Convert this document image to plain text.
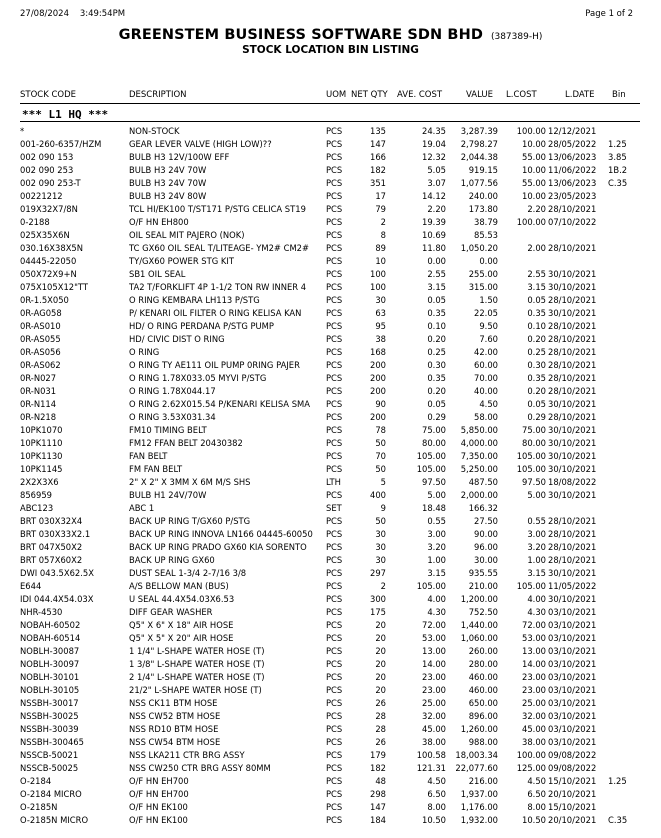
27/08/2024 3:49:54PM	Page 1 of 2
GREENSTEM BUSINESS SOFTWARE SDN BHD (387389-H)
STOCK LOCATION BIN LISTING
STOCK CODE	DESCRIPTION	UOM NET QTY AVE. COST	VALUE L.COST	L.DATE Bin
*** L1 HQ ***
*	NON-STOCK	PCS	135	24.35	3,287.39	100.00 12/12/2021
001-260-6357/HZM	GEAR LEVER VALVE (HIGH LOW)??	PCS	147	19.04	2,798.27	10.00 28/05/2022	1.25
002 090 153	BULB H3 12V/100W EFF	PCS	166	12.32	2,044.38	55.00 13/06/2023	3.85
002 090 253	BULB H3 24V 70W	PCS	182	5.05	919.15	10.00 11/06/2022	1B.2
002 090 253-T	BULB H3 24V 70W	PCS	351	3.07	1,077.56	55.00 13/06/2023	C.35
00221212	BULB H3 24V 80W	PCS	17	14.12	240.00	10.00 23/05/2023
019X32X7/8N	TCL HI/EK100 T/ST171 P/STG CELICA ST19	PCS	79	2.20	173.80	2.20 28/10/2021
0-2188	O/F HN EH800	PCS	2	19.39	38.79	100.00 07/10/2022
025X35X6N	OIL SEAL MIT PAJERO (NOK)	PCS	8	10.69	85.53
030.16X38X5N	TC GX60 OIL SEAL T/LITEAGE- YM2# CM2#	PCS	89	11.80	1,050.20	2.00 28/10/2021
04445-22050	TY/GX60 POWER STG KIT	PCS	10	0.00	0.00
050X72X9+N	SB1 OIL SEAL	PCS	100	2.55	255.00	2.55 30/10/2021
075X105X12"TT	TA2 T/FORKLIFT 4P 1-1/2 TON RW INNER 4	PCS	100	3.15	315.00	3.15 30/10/2021
0R-1.5X050	O RING KEMBARA LH113 P/STG	PCS	30	0.05	1.50	0.05 28/10/2021
0R-AG058	P/ KENARI OIL FILTER O RING KELISA KAN	PCS	63	0.35	22.05	0.35 30/10/2021
0R-AS010	HD/ O RING PERDANA P/STG PUMP	PCS	95	0.10	9.50	0.10 28/10/2021
0R-AS055	HD/ CIVIC DIST O RING	PCS	38	0.20	7.60	0.20 28/10/2021
0R-AS056	O RING	PCS	168	0.25	42.00	0.25 28/10/2021
0R-AS062	O RING TY AE111 OIL PUMP 0RING PAJER	PCS	200	0.30	60.00	0.30 28/10/2021
0R-N027	O RING 1.78X033.05 MYVI P/STG	PCS	200	0.35	70.00	0.35 28/10/2021
0R-N031	O RING 1.78X044.17	PCS	200	0.20	40.00	0.20 28/10/2021
0R-N114	O RING 2.62X015.54 P/KENARI KELISA SMA	PCS	90	0.05	4.50	0.05 30/10/2021
0R-N218	O RING 3.53X031.34	PCS	200	0.29	58.00	0.29 28/10/2021
10PK1070	FM10 TIMING BELT	PCS	78	75.00	5,850.00	75.00 30/10/2021
10PK1110	FM12 FFAN BELT 20430382	PCS	50	80.00	4,000.00	80.00 30/10/2021
10PK1130	FAN BELT	PCS	70	105.00	7,350.00	105.00 30/10/2021
10PK1145	FM FAN BELT	PCS	50	105.00	5,250.00	105.00 30/10/2021
2X2X3X6	2" X 2" X 3MM X 6M M/S SHS	LTH	5	97.50	487.50	97.50 18/08/2022
856959	BULB H1 24V/70W	PCS	400	5.00	2,000.00	5.00 30/10/2021
ABC123	ABC 1	SET	9	18.48	166.32
BRT 030X32X4	BACK UP RING T/GX60 P/STG	PCS	50	0.55	27.50	0.55 28/10/2021
BRT 030X33X2.1	BACK UP RING INNOVA LN166 04445-60050	PCS	30	3.00	90.00	3.00 28/10/2021
BRT 047X50X2	BACK UP RING PRADO GX60 KIA SORENTO	PCS	30	3.20	96.00	3.20 28/10/2021
BRT 057X60X2	BACK UP RING GX60	PCS	30	1.00	30.00	1.00 28/10/2021
DWI 043.5X62.5X	DUST SEAL 1-3/4 2-7/16 3/8	PCS	297	3.15	935.55	3.15 30/10/2021
E644	A/S BELLOW MAN (BUS)	PCS	2	105.00	210.00	105.00 11/05/2022
IDI 044.4X54.03X	U SEAL 44.4X54.03X6.53	PCS	300	4.00	1,200.00	4.00 30/10/2021
NHR-4530	DIFF GEAR WASHER	PCS	175	4.30	752.50	4.30 03/10/2021
NOBAH-60502	Q5" X 6" X 18" AIR HOSE	PCS	20	72.00	1,440.00	72.00 03/10/2021
NOBAH-60514	Q5" X 5" X 20" AIR HOSE	PCS	20	53.00	1,060.00	53.00 03/10/2021
NOBLH-30087	1 1/4" L-SHAPE WATER HOSE (T)	PCS	20	13.00	260.00	13.00 03/10/2021
NOBLH-30097	1 3/8" L-SHAPE WATER HOSE (T)	PCS	20	14.00	280.00	14.00 03/10/2021
NOBLH-30101	2 1/4" L-SHAPE WATER HOSE (T)	PCS	20	23.00	460.00	23.00 03/10/2021
NOBLH-30105	21/2" L-SHAPE WATER HOSE (T)	PCS	20	23.00	460.00	23.00 03/10/2021
NSSBH-30017	NSS CK11 BTM HOSE	PCS	26	25.00	650.00	25.00 03/10/2021
NSSBH-30025	NSS CW52 BTM HOSE	PCS	28	32.00	896.00	32.00 03/10/2021
NSSBH-30039	NSS RD10 BTM HOSE	PCS	28	45.00	1,260.00	45.00 03/10/2021
NSSBH-300465	NSS CW54 BTM HOSE	PCS	26	38.00	988.00	38.00 03/10/2021
NSSCB-50021	NSS LKA211 CTR BRG ASSY	PCS	179	100.58	18,003.34	100.00 09/08/2022
NSSCB-50025	NSS CW250 CTR BRG ASSY 80MM	PCS	182	121.31	22,077.60	125.00 09/08/2022
O-2184	O/F HN EH700	PCS	48	4.50	216.00	4.50 15/10/2021	1.25
O-2184 MICRO	O/F HN EH700	PCS	298	6.50	1,937.00	6.50 20/10/2021
O-2185N	O/F HN EK100	PCS	147	8.00	1,176.00	8.00 15/10/2021
O-2185N MICRO	O/F HN EK100	PCS	184	10.50	1,932.00	10.50 20/10/2021	C.35
